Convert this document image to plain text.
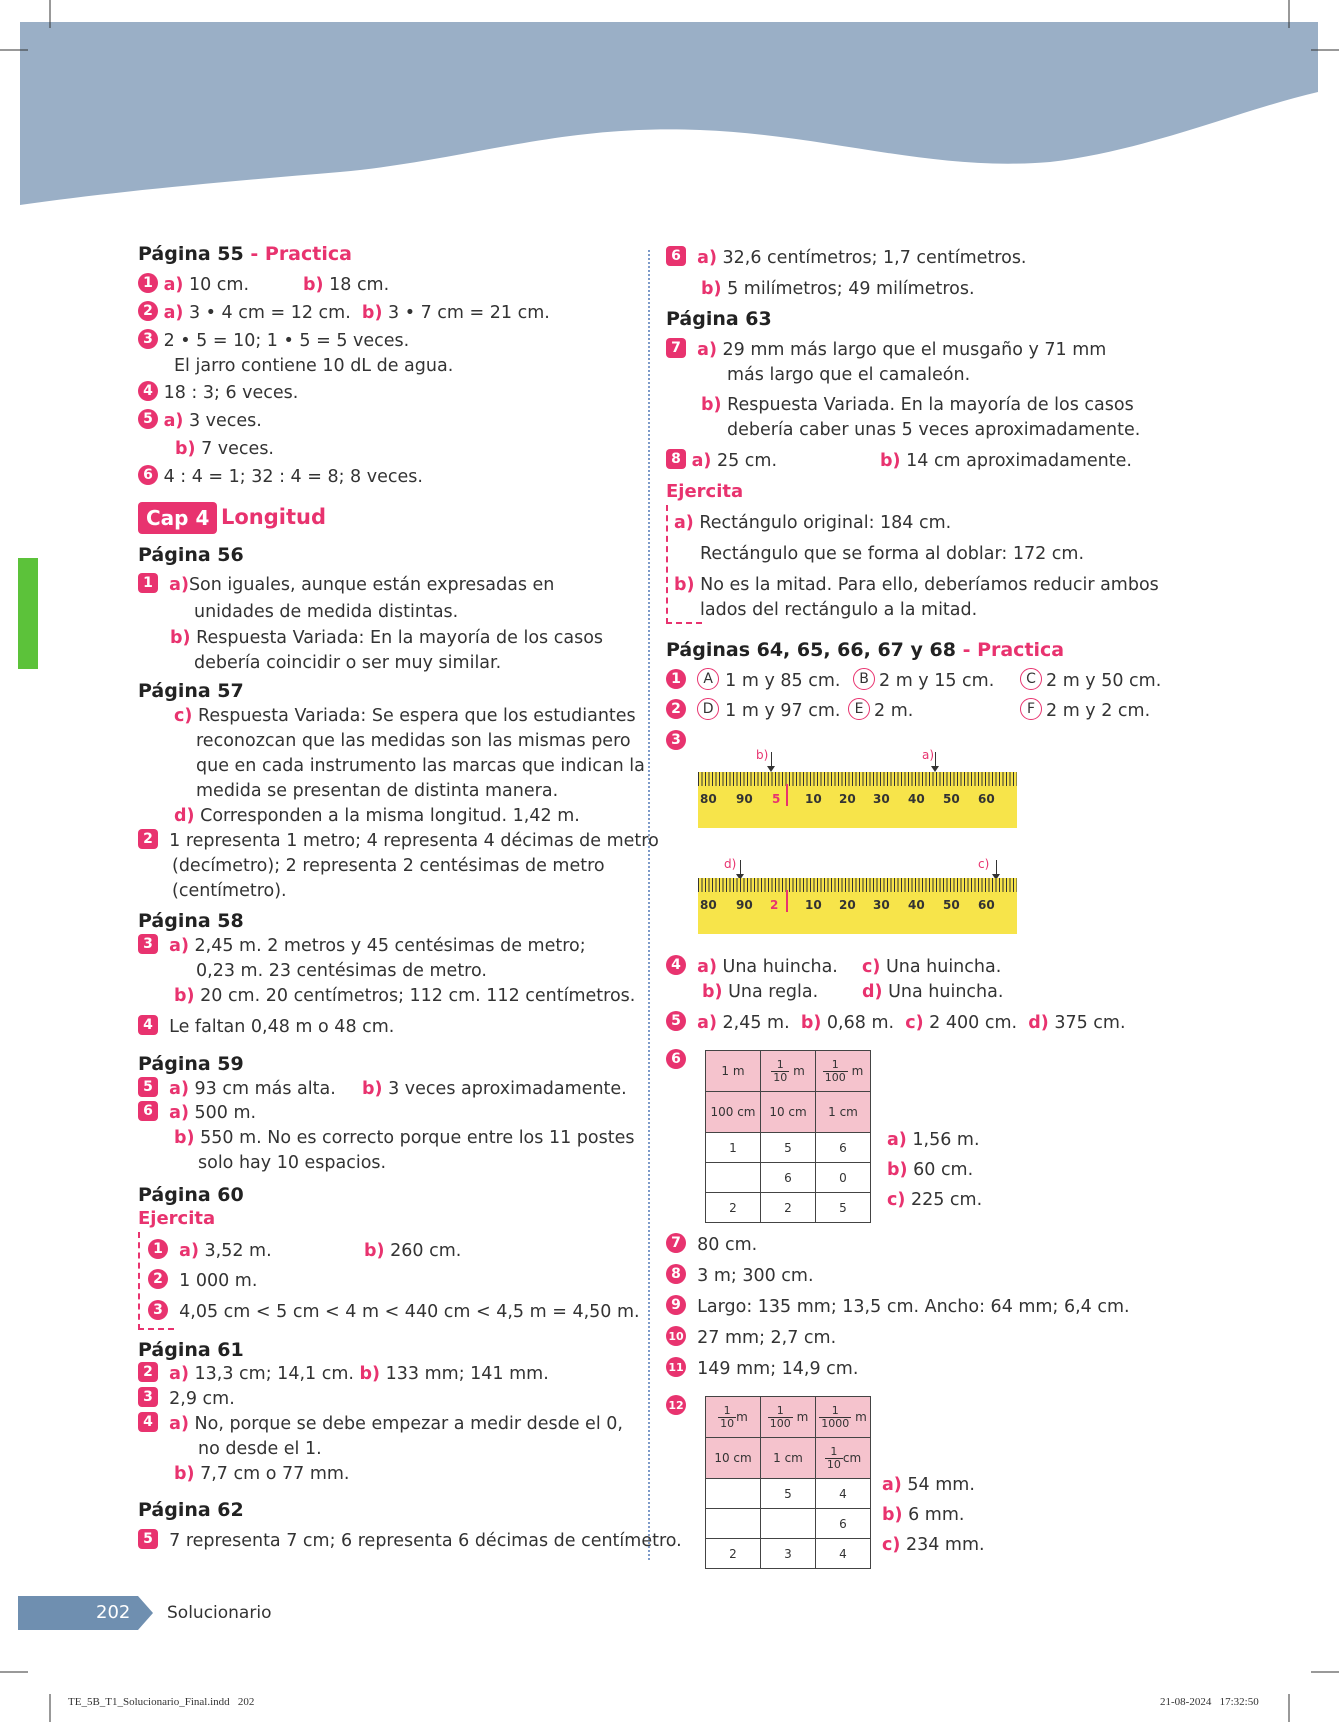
Página 55 - Practica
1 a) 10 cm.	b) 18 cm.
2 a) 3 • 4 cm = 12 cm. b) 3 • 7 cm = 21 cm.
3 2 • 5 = 10; 1 • 5 = 5 veces.
El jarro contiene 10 dL de agua.
4 18 : 3; 6 veces.
5 a) 3 veces.
b) 7 veces.
6 4 : 4 = 1; 32 : 4 = 8; 8 veces.
Cap 4 Longitud
Página 56
1 a)Son iguales, aunque están expresadas en
unidades de medida distintas.
b) Respuesta Variada: En la mayoría de los casos
debería coincidir o ser muy similar.
Página 57
c) Respuesta Variada: Se espera que los estudiantes
reconozcan que las medidas son las mismas pero
que en cada instrumento las marcas que indican la
medida se presentan de distinta manera.
d) Corresponden a la misma longitud. 1,42 m.
2 1 representa 1 metro; 4 representa 4 décimas de metro
(decímetro); 2 representa 2 centésimas de metro
(centímetro).
Página 58
3 a) 2,45 m. 2 metros y 45 centésimas de metro;
0,23 m. 23 centésimas de metro.
b) 20 cm. 20 centímetros; 112 cm. 112 centímetros.
4 Le faltan 0,48 m o 48 cm.
Página 59
5 a) 93 cm más alta. b) 3 veces aproximadamente.
6 a) 500 m.
b) 550 m. No es correcto porque entre los 11 postes
solo hay 10 espacios.
Página 60
Ejercita
1 a) 3,52 m.	b) 260 cm.
2 1 000 m.
3 4,05 cm < 5 cm < 4 m < 440 cm < 4,5 m = 4,50 m.
Página 61
2 a) 13,3 cm; 14,1 cm. b) 133 mm; 141 mm.
3 2,9 cm.
4 a) No, porque se debe empezar a medir desde el 0,
no desde el 1.
b) 7,7 cm o 77 mm.
Página 62
5 7 representa 7 cm; 6 representa 6 décimas de centímetro.
6 a) 32,6 centímetros; 1,7 centímetros.
b) 5 milímetros; 49 milímetros.
Página 63
7 a) 29 mm más largo que el musgaño y 71 mm
más largo que el camaleón.
b) Respuesta Variada. En la mayoría de los casos
debería caber unas 5 veces aproximadamente.
8 a) 25 cm.	b) 14 cm aproximadamente.
Ejercita
a) Rectángulo original: 184 cm.
Rectángulo que se forma al doblar: 172 cm.
b) No es la mitad. Para ello, deberíamos reducir ambos
lados del rectángulo a la mitad.
Páginas 64, 65, 66, 67 y 68 - Practica
1 A 1 m y 85 cm.	B 2 m y 15 cm.	C 2 m y 50 cm.
2 D 1 m y 97 cm.	E 2 m.	F 2 m y 2 cm.
3
b)	a)
80 90 5 10 20 30 40 50 60
d)	c)
80 90 2 10 20 30 40 50 60
4 a) Una huincha. c) Una huincha.
b) Una regla.	d) Una huincha.
5 a) 2,45 m. b) 0,68 m. c) 2 400 cm. d) 375 cm.
6
1 m	$\frac{1}{10}$ m	$\frac{1}{100}$ m
100 cm	10 cm	1 cm
1	5	6
	6	0
2	2	5
a) 1,56 m.
b) 60 cm.
c) 225 cm.
7 80 cm.
8 3 m; 300 cm.
9 Largo: 135 mm; 13,5 cm. Ancho: 64 mm; 6,4 cm.
10 27 mm; 2,7 cm.
11 149 mm; 14,9 cm.
12	$\frac{1}{10}$ m	$\frac{1}{100}$ m	$\frac{1}{1000}$ m
10 cm	1 cm	$\frac{1}{10}$ cm
	5	4
		6
2	3	4
a) 54 mm.
b) 6 mm.
c) 234 mm.
202 Solucionario
TE_5B_T1_Solucionario_Final.indd   202	21-08-2024   17:32:50
